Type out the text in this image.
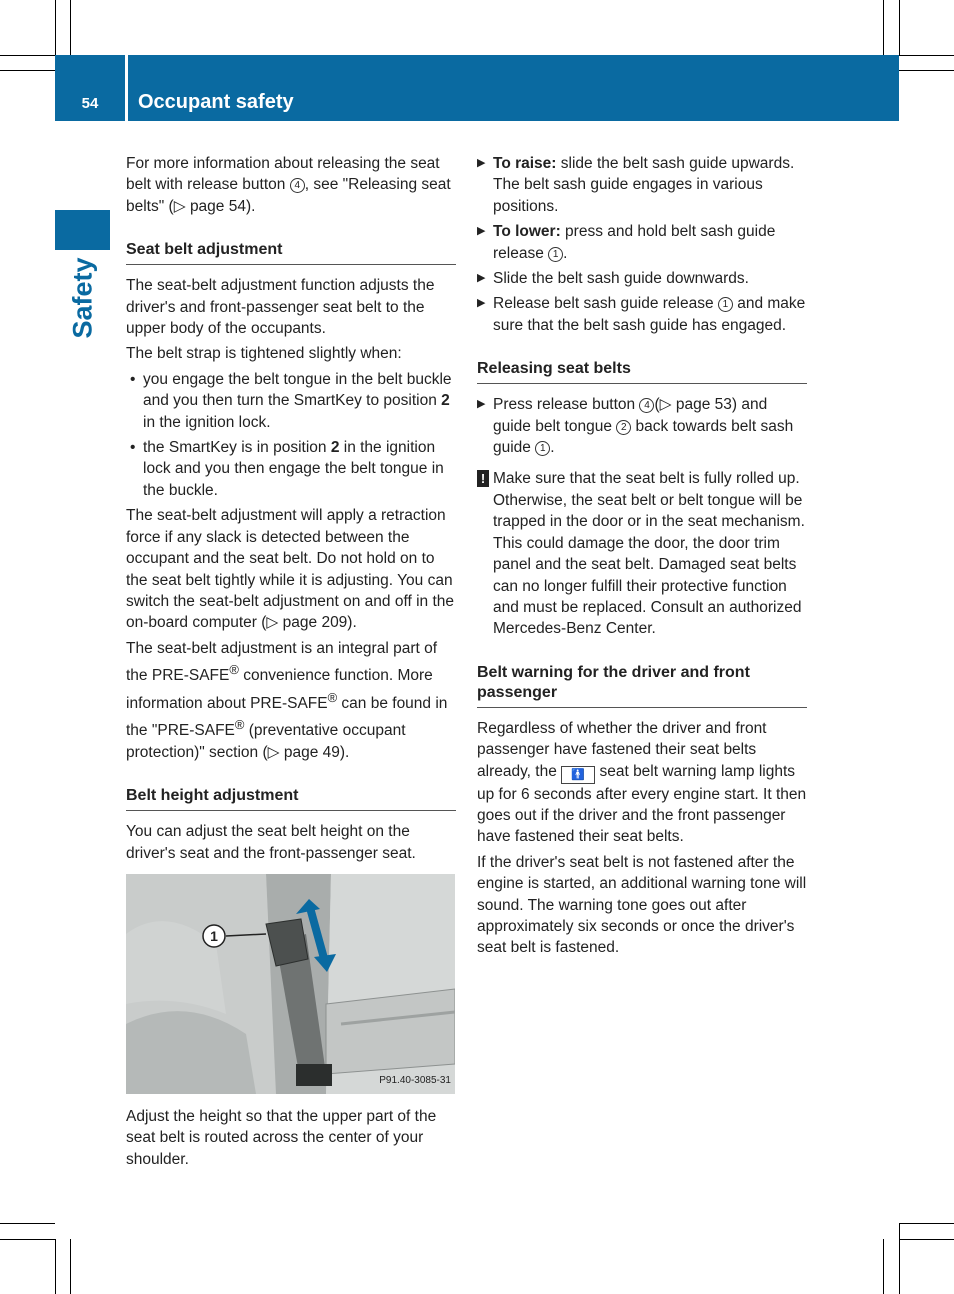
54	Occupant safety
Safety

For more information about releasing the seat belt with release button 4 , see "Releasing seat belts" (▷ page 54).

Seat belt adjustment

The seat-belt adjustment function adjusts the driver's and front-passenger seat belt to the upper body of the occupants.

The belt strap is tightened slightly when:

• you engage the belt tongue in the belt buckle and you then turn the SmartKey to position 2 in the ignition lock.
• the SmartKey is in position 2 in the ignition lock and you then engage the belt tongue in the buckle.

The seat-belt adjustment will apply a retraction force if any slack is detected between the occupant and the seat belt. Do not hold on to the seat belt tightly while it is adjusting. You can switch the seat-belt adjustment on and off in the on-board computer (▷ page 209).

The seat-belt adjustment is an integral part of the PRE-SAFE® convenience function. More information about PRE-SAFE® can be found in the "PRE-SAFE® (preventative occupant protection)" section (▷ page 49).

Belt height adjustment

You can adjust the seat belt height on the driver's seat and the front-passenger seat.

1
P91.40-3085-31

Adjust the height so that the upper part of the seat belt is routed across the center of your shoulder.

▶ To raise: slide the belt sash guide upwards. The belt sash guide engages in various positions.
▶ To lower: press and hold belt sash guide release 1 .
▶ Slide the belt sash guide downwards.
▶ Release belt sash guide release 1 and make sure that the belt sash guide has engaged.
Releasing seat belts
▶ Press release button 4 (▷ page 53) and guide belt tongue 2 back towards belt sash guide 1 .
! Make sure that the seat belt is fully rolled up. Otherwise, the seat belt or belt tongue will be trapped in the door or in the seat mechanism. This could damage the door, the door trim panel and the seat belt. Damaged seat belts can no longer fulfill their protective function and must be replaced. Consult an authorized Mercedes-Benz Center.
Belt warning for the driver and front passenger

Regardless of whether the driver and front passenger have fastened their seat belts already, the 🚹 seat belt warning lamp lights up for 6 seconds after every engine start. It then goes out if the driver and the front passenger have fastened their seat belts.

If the driver's seat belt is not fastened after the engine is started, an additional warning tone will sound. The warning tone goes out after approximately six seconds or once the driver's seat belt is fastened.
